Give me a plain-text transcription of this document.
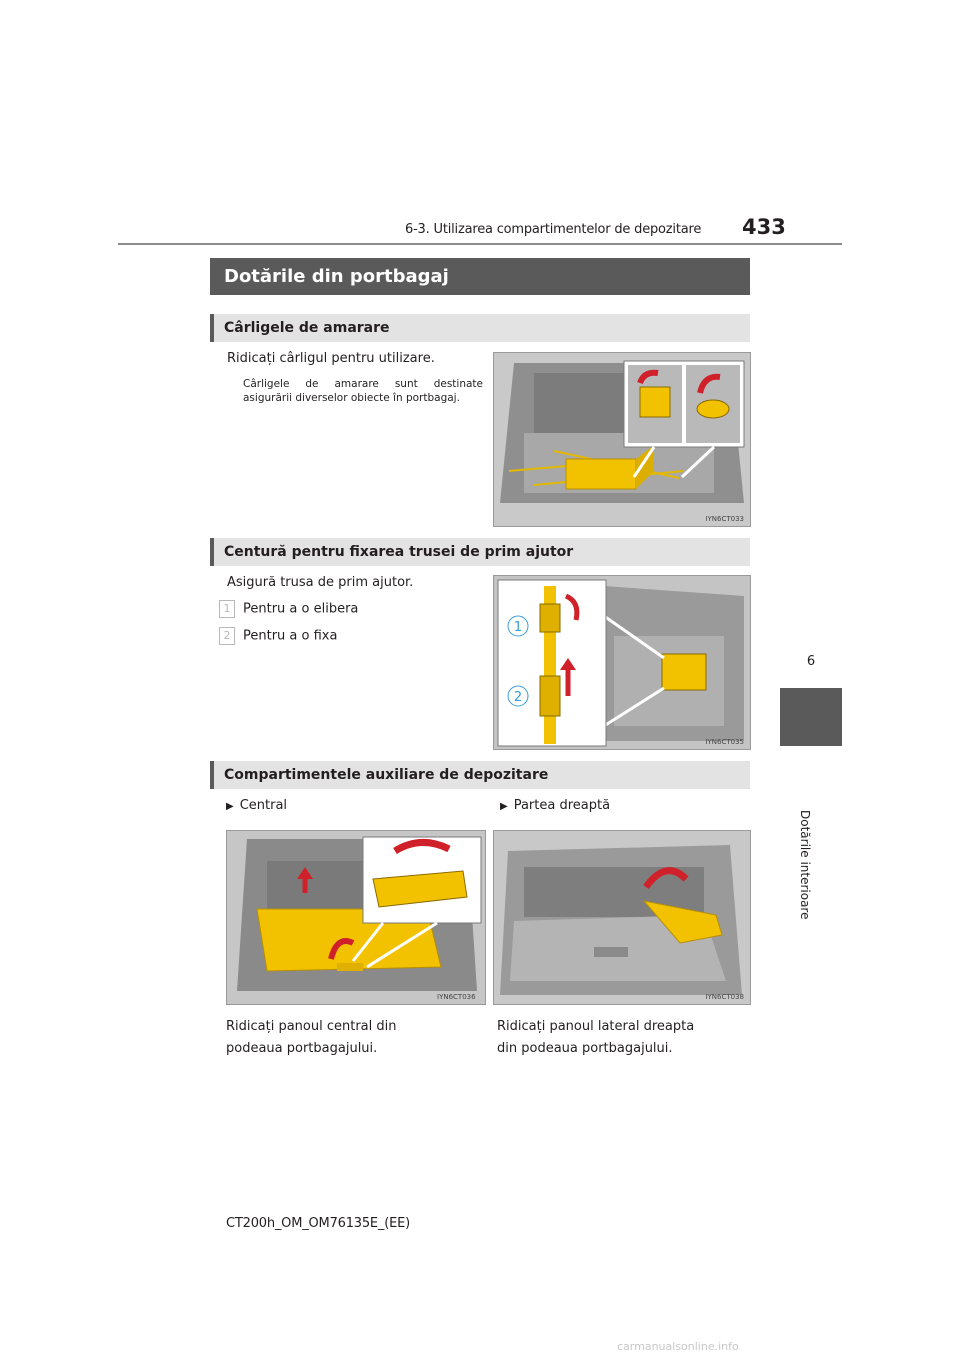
6-3. Utilizarea compartimentelor de depozitare 433
6
Dotările interioare
Dotările din portbagaj
Cârligele de amarare
Ridicați cârligul pentru utilizare.
Cârligele de amarare sunt destinate asigurării diverselor obiecte în portbagaj.
IYN6CT033
Centură pentru fixarea trusei de prim ajutor
Asigură trusa de prim ajutor.
1 Pentru a o elibera
2 Pentru a o fixa
1
2
IYN6CT035
Compartimentele auxiliare de depozitare
▶ Central	▶ Partea dreaptă
IYN6CT036	IYN6CT038
Ridicați panoul central din podeaua portbagajului.
Ridicați panoul lateral dreapta din podeaua portbagajului.
CT200h_OM_OM76135E_(EE)
carmanualsonline.info
